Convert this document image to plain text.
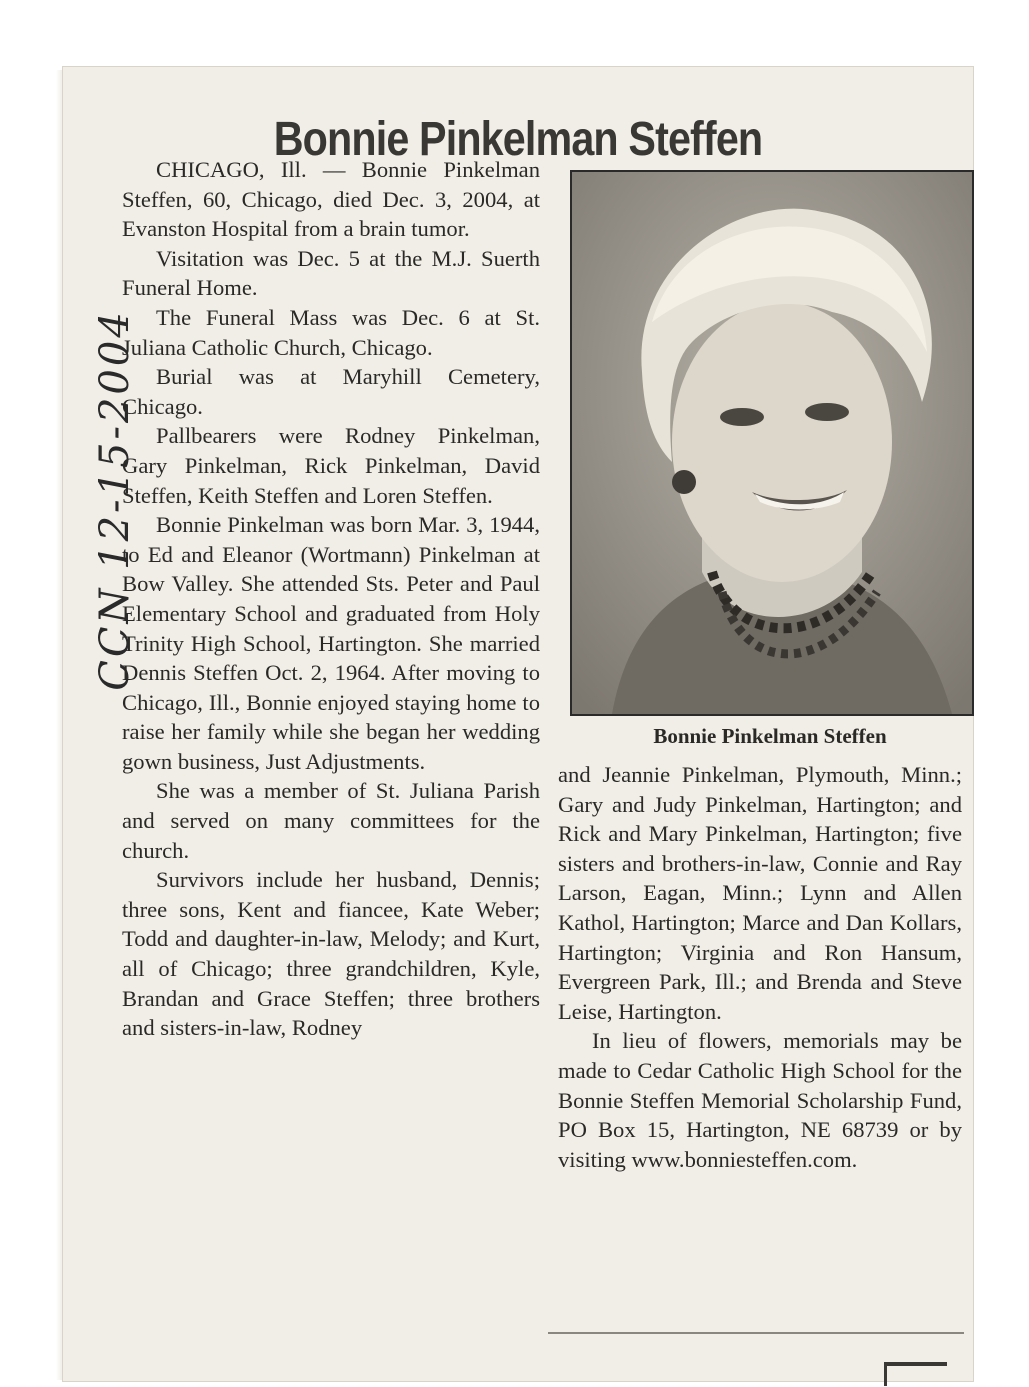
Bonnie Pinkelman Steffen
CCN 12-15-2004

CHICAGO, Ill. — Bonnie Pinkelman Steffen, 60, Chicago, died Dec. 3, 2004, at Evanston Hospital from a brain tumor.

Visitation was Dec. 5 at the M.J. Suerth Funeral Home.

The Funeral Mass was Dec. 6 at St. Juliana Catholic Church, Chicago.

Burial was at Maryhill Cemetery, Chicago.

Pallbearers were Rodney Pinkelman, Gary Pinkelman, Rick Pinkelman, David Steffen, Keith Steffen and Loren Steffen.

Bonnie Pinkelman was born Mar. 3, 1944, to Ed and Eleanor (Wortmann) Pinkelman at Bow Valley. She attended Sts. Peter and Paul Elementary School and graduated from Holy Trinity High School, Hartington. She married Dennis Steffen Oct. 2, 1964. After moving to Chicago, Ill., Bonnie enjoyed staying home to raise her family while she began her wedding gown business, Just Adjustments.

She was a member of St. Juliana Parish and served on many committees for the church.

Survivors include her husband, Dennis; three sons, Kent and fiancee, Kate Weber; Todd and daughter-in-law, Melody; and Kurt, all of Chicago; three grandchildren, Kyle, Brandan and Grace Steffen; three brothers and sisters-in-law, Rodney

Bonnie Pinkelman Steffen

and Jeannie Pinkelman, Plymouth, Minn.; Gary and Judy Pinkelman, Hartington; and Rick and Mary Pinkelman, Hartington; five sisters and brothers-in-law, Connie and Ray Larson, Eagan, Minn.; Lynn and Allen Kathol, Hartington; Marce and Dan Kollars, Hartington; Virginia and Ron Hansum, Evergreen Park, Ill.; and Brenda and Steve Leise, Hartington.

In lieu of flowers, memorials may be made to Cedar Catholic High School for the Bonnie Steffen Memorial Scholarship Fund, PO Box 15, Hartington, NE 68739 or by visiting www.bonniesteffen.com.
